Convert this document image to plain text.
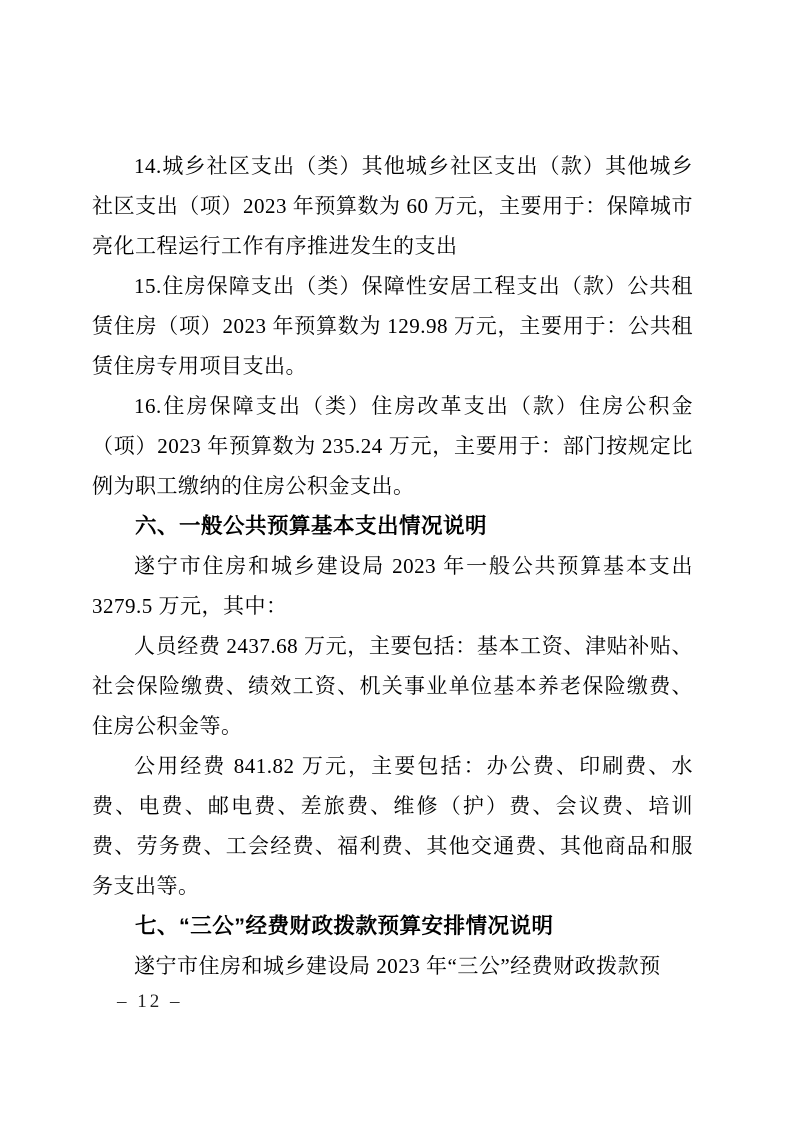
14.城乡社区支出（类）其他城乡社区支出（款）其他城乡社区支出（项）2023 年预算数为 60 万元，主要用于：保障城市亮化工程运行工作有序推进发生的支出

15.住房保障支出（类）保障性安居工程支出（款）公共租赁住房（项）2023 年预算数为 129.98 万元，主要用于：公共租赁住房专用项目支出。

16.住房保障支出（类）住房改革支出（款）住房公积金（项）2023 年预算数为 235.24 万元，主要用于：部门按规定比例为职工缴纳的住房公积金支出。

六、一般公共预算基本支出情况说明

遂宁市住房和城乡建设局 2023 年一般公共预算基本支出 3279.5 万元，其中：

人员经费 2437.68 万元，主要包括：基本工资、津贴补贴、社会保险缴费、绩效工资、机关事业单位基本养老保险缴费、住房公积金等。

公用经费 841.82 万元，主要包括：办公费、印刷费、水费、电费、邮电费、差旅费、维修（护）费、会议费、培训费、劳务费、工会经费、福利费、其他交通费、其他商品和服务支出等。

七、“三公”经费财政拨款预算安排情况说明

遂宁市住房和城乡建设局 2023 年“三公”经费财政拨款预

– 12 –
